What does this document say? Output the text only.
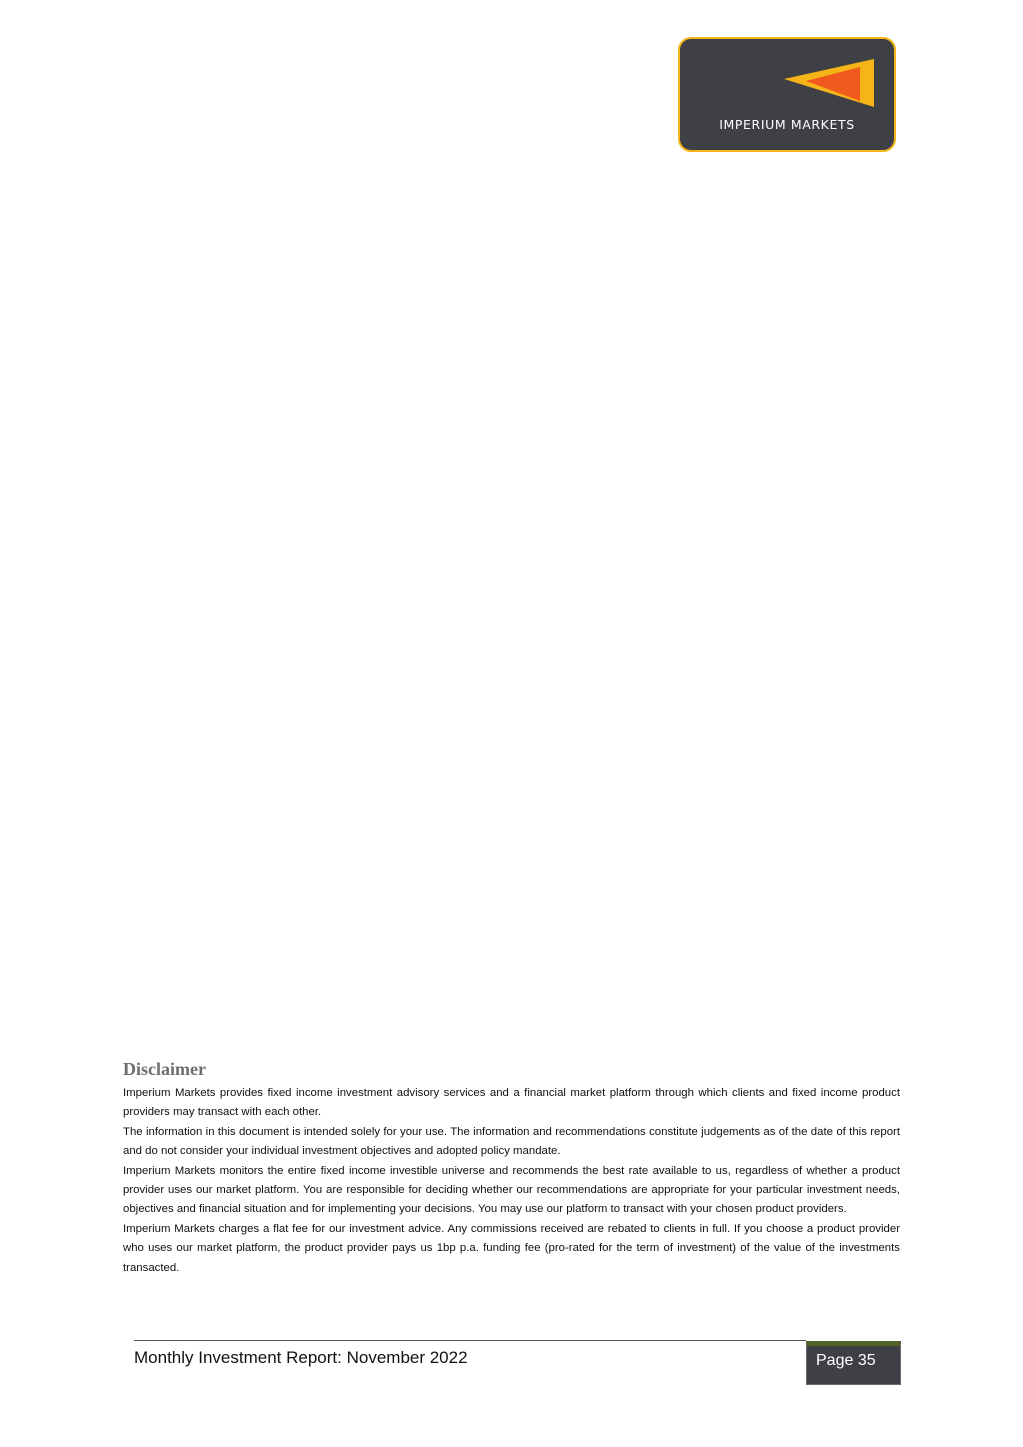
IMPERIUM MARKETS
Disclaimer

Imperium Markets provides fixed income investment advisory services and a financial market platform through which clients and fixed income product providers may transact with each other.

The information in this document is intended solely for your use. The information and recommendations constitute judgements as of the date of this report and do not consider your individual investment objectives and adopted policy mandate.

Imperium Markets monitors the entire fixed income investible universe and recommends the best rate available to us, regardless of whether a product provider uses our market platform. You are responsible for deciding whether our recommendations are appropriate for your particular investment needs, objectives and financial situation and for implementing your decisions. You may use our platform to transact with your chosen product providers.

Imperium Markets charges a flat fee for our investment advice. Any commissions received are rebated to clients in full. If you choose a product provider who uses our market platform, the product provider pays us 1bp p.a. funding fee (pro-rated for the term of investment) of the value of the investments transacted.

Monthly Investment Report: November 2022	Page 35
